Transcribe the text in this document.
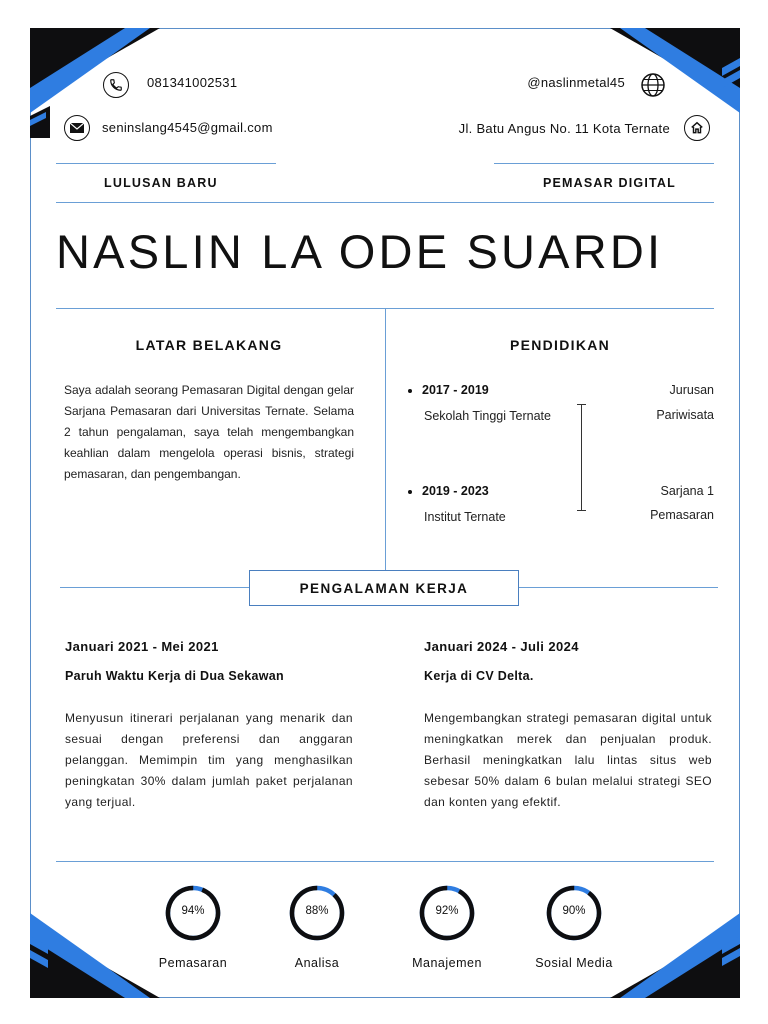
081341002531	@naslinmetal45
seninslang4545@gmail.com	Jl. Batu Angus No. 11 Kota Ternate
LULUSAN BARU	PEMASAR DIGITAL
NASLIN LA ODE SUARDI
LATAR BELAKANG
Saya adalah seorang Pemasaran Digital dengan gelar Sarjana Pemasaran dari Universitas Ternate. Selama 2 tahun pengalaman, saya telah mengembangkan keahlian dalam mengelola operasi bisnis, strategi pemasaran, dan pengembangan.
PENDIDIKAN
2017 - 2019
Sekolah Tinggi Ternate
Jurusan
Pariwisata
2019 - 2023
Institut Ternate
Sarjana 1
Pemasaran
PENGALAMAN KERJA
Januari 2021 - Mei 2021
Paruh Waktu Kerja di Dua Sekawan
Menyusun itinerari perjalanan yang menarik dan sesuai dengan preferensi dan anggaran pelanggan. Memimpin tim yang menghasilkan peningkatan 30% dalam jumlah paket perjalanan yang terjual.
Januari 2024 - Juli 2024
Kerja di CV Delta.
Mengembangkan strategi pemasaran digital untuk meningkatkan merek dan penjualan produk. Berhasil meningkatkan lalu lintas situs web sebesar 50% dalam 6 bulan melalui strategi SEO dan konten yang efektif.
94%
Pemasaran
88%
Analisa
92%
Manajemen
90%
Sosial Media
